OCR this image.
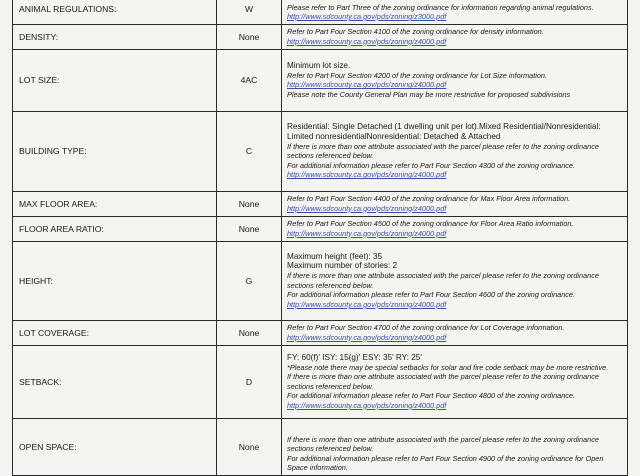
ANIMAL REGULATIONS:	W	Please refer to Part Three of the zoning ordinance for information regarding animal regulations.
http://www.sdcounty.ca.gov/pds/zoning/z3000.pdf

DENSITY:	None	Refer to Part Four Section 4100 of the zoning ordinance for density information.
http://www.sdcounty.ca.gov/pds/zoning/z4000.pdf
LOT SIZE:	4AC	Minimum lot size.
Refer to Part Four Section 4200 of the zoning ordinance for Lot Size information.
http://www.sdcounty.ca.gov/pds/zoning/z4000.pdf
Please note the County General Plan may be more restrictive for proposed subdivisions

BUILDING TYPE:	C	Residential: Single Detached (1 dwelling unit per lot).Mixed Residential/Nonresidential: Limited nonresidentialNonresidential: Detached & Attached
If there is more than one attribute associated with the parcel please refer to the zoning ordinance sections referenced below.
For additional information please refer to Part Four Section 4300 of the zoning ordinance.
http://www.sdcounty.ca.gov/pds/zoning/z4000.pdf
MAX FLOOR AREA:	None	Refer to Part Four Section 4400 of the zoning ordinance for Max Floor Area information.
http://www.sdcounty.ca.gov/pds/zoning/z4000.pdf
FLOOR AREA RATIO:	None	Refer to Part Four Section 4500 of the zoning ordinance for Floor Area Ratio information.
http://www.sdcounty.ca.gov/pds/zoning/z4000.pdf
HEIGHT:	G	Maximum height (feet): 35
Maximum number of stories: 2
If there is more than one attribute associated with the parcel please refer to the zoning ordinance sections referenced below.
For additional information please refer to Part Four Section 4600 of the zoning ordinance.
http://www.sdcounty.ca.gov/pds/zoning/z4000.pdf
LOT COVERAGE:	None	Refer to Part Four Section 4700 of the zoning ordinance for Lot Coverage information.
http://www.sdcounty.ca.gov/pds/zoning/z4000.pdf
SETBACK:	D	FY: 60(f)' ISY: 15(g)' ESY: 35' RY: 25'
*Please note there may be special setbacks for solar and fire code setback may be more restrictive.
If there is more than one attribute associated with the parcel please refer to the zoning ordinance sections referenced below.
For additional information please refer to Part Four Section 4800 of the zoning ordinance.
http://www.sdcounty.ca.gov/pds/zoning/z4000.pdf
OPEN SPACE:	None	If there is more than one attribute associated with the parcel please refer to the zoning ordinance sections referenced below.
For additional information please refer to Part Four Section 4900 of the zoning ordinance for Open Space information.
